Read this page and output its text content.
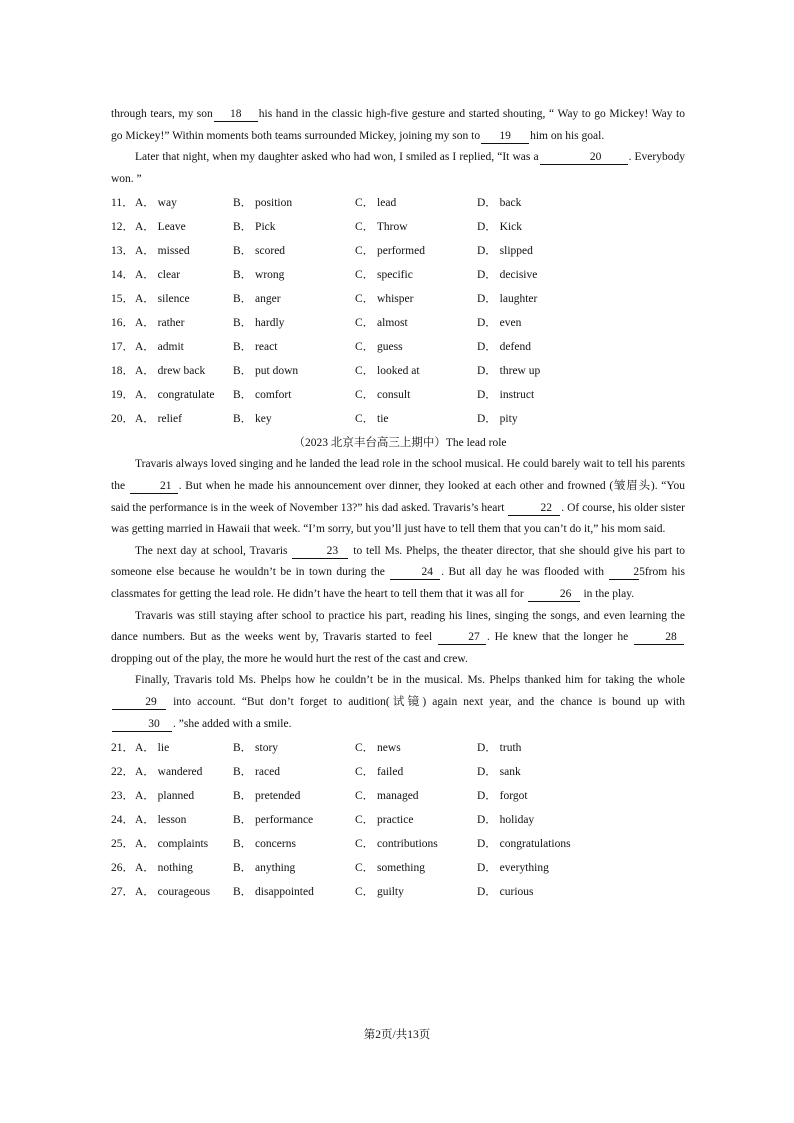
through tears, my son 18 his hand in the classic high-five gesture and started shouting, “ Way to go Mickey! Way to go Mickey!” Within moments both teams surrounded Mickey, joining my son to 19 him on his goal.

Later that night, when my daughter asked who had won, I smiled as I replied, “It was a	20 . Everybody won. ”

11． A． way	B． position	C． lead	D． back
12． A． Leave	B． Pick	C． Throw	D． Kick
13． A． missed	B． scored	C． performed	D． slipped
14． A． clear	B． wrong	C． specific	D． decisive
15． A． silence	B． anger	C． whisper	D． laughter
16． A． rather	B． hardly	C． almost	D． even
17． A． admit	B． react	C． guess	D． defend
18． A． drew back	B． put down	C． looked at	D． threw up
19． A． congratulate	B． comfort	C． consult	D． instruct
20． A． relief	B． key	C． tie	D． pity

（2023 北京丰台高三上期中）The lead role

Travaris always loved singing and he landed the lead role in the school musical. He could barely wait to tell his parents the	21 . But when he made his announcement over dinner, they looked at each other and frowned (皱眉头). “You said the performance is in the week of November 13?” his dad asked. Travaris’s heart	22 . Of course, his older sister was getting married in Hawaii that week. “I’m sorry, but you’ll just have to tell them that you can’t do it,” his mom said.

The next day at school, Travaris	23 to tell Ms. Phelps, the theater director, that she should give his part to someone else because he wouldn’t be in town during the	24 . But all day he was flooded with	25 from his classmates for getting the lead role. He didn’t have the heart to tell them that it was all for	26 in the play.

Travaris was still staying after school to practice his part, reading his lines, singing the songs, and even learning the dance numbers. But as the weeks went by, Travaris started to feel	27 . He knew that the longer he	28 dropping out of the play, the more he would hurt the rest of the cast and crew.

Finally, Travaris told Ms. Phelps how he couldn’t be in the musical. Ms. Phelps thanked him for taking the whole 29 into account. “But don’t forget to audition(试镜) again next year, and the chance is bound up with 30 . ”she added with a smile.

21． A． lie	B． story	C． news	D． truth
22． A． wandered	B． raced	C． failed	D． sank
23． A． planned	B． pretended	C． managed	D． forgot
24． A． lesson	B． performance	C． practice	D． holiday
25． A． complaints	B． concerns	C． contributions	D． congratulations
26． A． nothing	B． anything	C． something	D． everything
27． A． courageous	B． disappointed	C． guilty	D． curious
第2页/共13页
